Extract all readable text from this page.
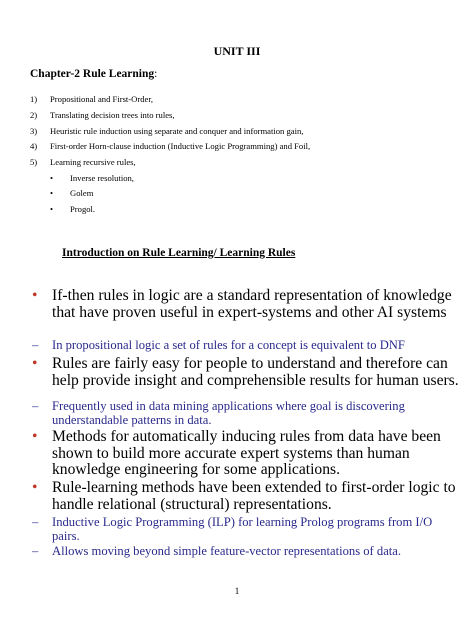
UNIT III
Chapter-2 Rule Learning:
1)	Propositional and First-Order,
2)	Translating decision trees into rules,
3)	Heuristic rule induction using separate and conquer and information gain,
4)	First-order Horn-clause induction (Inductive Logic Programming) and Foil,
5)	Learning recursive rules,
• Inverse resolution,
• Golem
• Progol.
Introduction on Rule Learning/ Learning Rules
• If-then rules in logic are a standard representation of knowledge that have proven useful in expert-systems and other AI systems
– In propositional logic a set of rules for a concept is equivalent to DNF
• Rules are fairly easy for people to understand and therefore can help provide insight and comprehensible results for human users.
– Frequently used in data mining applications where goal is discovering understandable patterns in data.
• Methods for automatically inducing rules from data have been shown to build more accurate expert systems than human knowledge engineering for some applications.
• Rule-learning methods have been extended to first-order logic to handle relational (structural) representations.
– Inductive Logic Programming (ILP) for learning Prolog programs from I/O pairs.
– Allows moving beyond simple feature-vector representations of data.
1
